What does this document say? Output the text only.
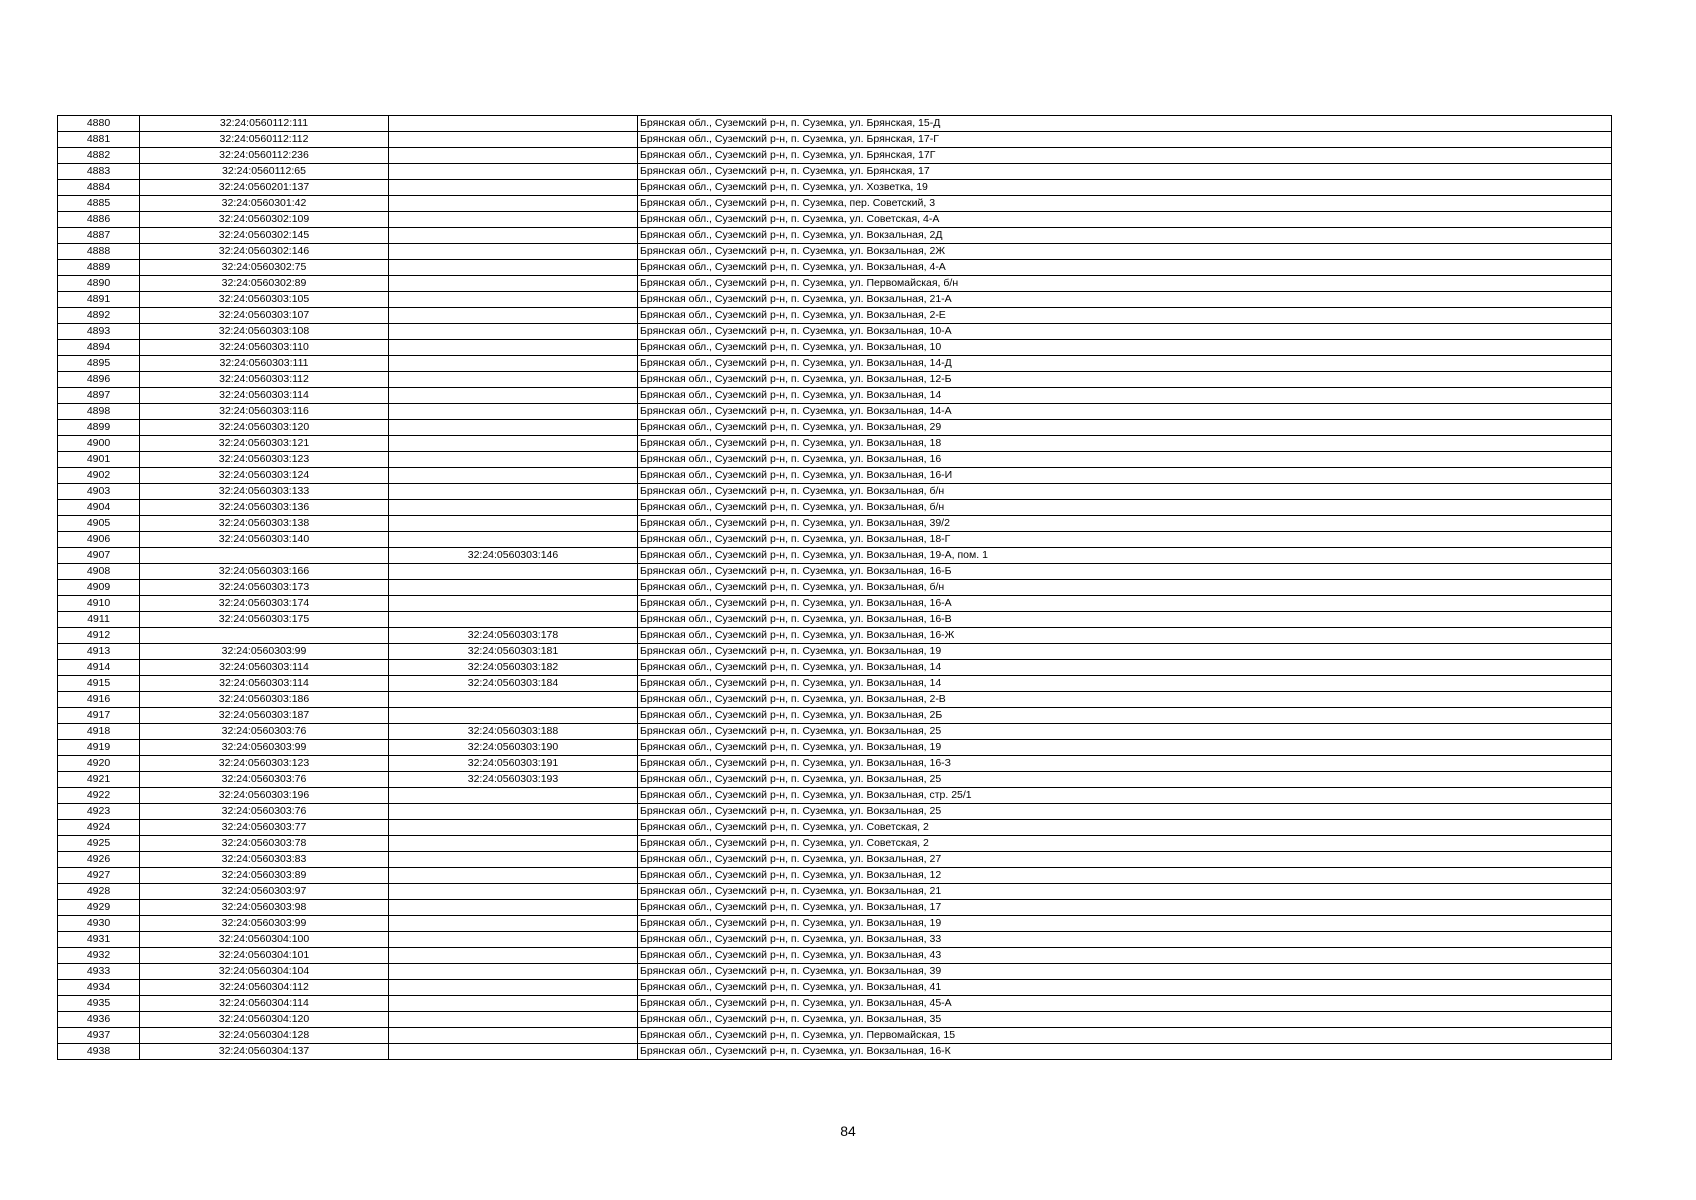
4880	32:24:0560112:111		Брянская обл., Суземский р-н, п. Суземка, ул. Брянская, 15-Д
4881	32:24:0560112:112		Брянская обл., Суземский р-н, п. Суземка, ул. Брянская, 17-Г
4882	32:24:0560112:236		Брянская обл., Суземский р-н, п. Суземка, ул. Брянская, 17Г
4883	32:24:0560112:65		Брянская обл., Суземский р-н, п. Суземка, ул. Брянская, 17
4884	32:24:0560201:137		Брянская обл., Суземский р-н, п. Суземка, ул. Хозветка, 19
4885	32:24:0560301:42		Брянская обл., Суземский р-н, п. Суземка, пер. Советский, 3
4886	32:24:0560302:109		Брянская обл., Суземский р-н, п. Суземка, ул. Советская, 4-А
4887	32:24:0560302:145		Брянская обл., Суземский р-н, п. Суземка, ул. Вокзальная, 2Д
4888	32:24:0560302:146		Брянская обл., Суземский р-н, п. Суземка, ул. Вокзальная, 2Ж
4889	32:24:0560302:75		Брянская обл., Суземский р-н, п. Суземка, ул. Вокзальная, 4-А
4890	32:24:0560302:89		Брянская обл., Суземский р-н, п. Суземка, ул. Первомайская, б/н
4891	32:24:0560303:105		Брянская обл., Суземский р-н, п. Суземка, ул. Вокзальная, 21-А
4892	32:24:0560303:107		Брянская обл., Суземский р-н, п. Суземка, ул. Вокзальная, 2-Е
4893	32:24:0560303:108		Брянская обл., Суземский р-н, п. Суземка, ул. Вокзальная, 10-А
4894	32:24:0560303:110		Брянская обл., Суземский р-н, п. Суземка, ул. Вокзальная, 10
4895	32:24:0560303:111		Брянская обл., Суземский р-н, п. Суземка, ул. Вокзальная, 14-Д
4896	32:24:0560303:112		Брянская обл., Суземский р-н, п. Суземка, ул. Вокзальная, 12-Б
4897	32:24:0560303:114		Брянская обл., Суземский р-н, п. Суземка, ул. Вокзальная, 14
4898	32:24:0560303:116		Брянская обл., Суземский р-н, п. Суземка, ул. Вокзальная, 14-А
4899	32:24:0560303:120		Брянская обл., Суземский р-н, п. Суземка, ул. Вокзальная, 29
4900	32:24:0560303:121		Брянская обл., Суземский р-н, п. Суземка, ул. Вокзальная, 18
4901	32:24:0560303:123		Брянская обл., Суземский р-н, п. Суземка, ул. Вокзальная, 16
4902	32:24:0560303:124		Брянская обл., Суземский р-н, п. Суземка, ул. Вокзальная, 16-И
4903	32:24:0560303:133		Брянская обл., Суземский р-н, п. Суземка, ул. Вокзальная, б/н
4904	32:24:0560303:136		Брянская обл., Суземский р-н, п. Суземка, ул. Вокзальная, б/н
4905	32:24:0560303:138		Брянская обл., Суземский р-н, п. Суземка, ул. Вокзальная, 39/2
4906	32:24:0560303:140		Брянская обл., Суземский р-н, п. Суземка, ул. Вокзальная, 18-Г
4907		32:24:0560303:146	Брянская обл., Суземский р-н, п. Суземка, ул. Вокзальная, 19-А, пом. 1
4908	32:24:0560303:166		Брянская обл., Суземский р-н, п. Суземка, ул. Вокзальная, 16-Б
4909	32:24:0560303:173		Брянская обл., Суземский р-н, п. Суземка, ул. Вокзальная, б/н
4910	32:24:0560303:174		Брянская обл., Суземский р-н, п. Суземка, ул. Вокзальная, 16-А
4911	32:24:0560303:175		Брянская обл., Суземский р-н, п. Суземка, ул. Вокзальная, 16-В
4912		32:24:0560303:178	Брянская обл., Суземский р-н, п. Суземка, ул. Вокзальная, 16-Ж
4913	32:24:0560303:99	32:24:0560303:181	Брянская обл., Суземский р-н, п. Суземка, ул. Вокзальная, 19
4914	32:24:0560303:114	32:24:0560303:182	Брянская обл., Суземский р-н, п. Суземка, ул. Вокзальная, 14
4915	32:24:0560303:114	32:24:0560303:184	Брянская обл., Суземский р-н, п. Суземка, ул. Вокзальная, 14
4916	32:24:0560303:186		Брянская обл., Суземский р-н, п. Суземка, ул. Вокзальная, 2-В
4917	32:24:0560303:187		Брянская обл., Суземский р-н, п. Суземка, ул. Вокзальная, 2Б
4918	32:24:0560303:76	32:24:0560303:188	Брянская обл., Суземский р-н, п. Суземка, ул. Вокзальная, 25
4919	32:24:0560303:99	32:24:0560303:190	Брянская обл., Суземский р-н, п. Суземка, ул. Вокзальная, 19
4920	32:24:0560303:123	32:24:0560303:191	Брянская обл., Суземский р-н, п. Суземка, ул. Вокзальная, 16-З
4921	32:24:0560303:76	32:24:0560303:193	Брянская обл., Суземский р-н, п. Суземка, ул. Вокзальная, 25
4922	32:24:0560303:196		Брянская обл., Суземский р-н, п. Суземка, ул. Вокзальная, стр. 25/1
4923	32:24:0560303:76		Брянская обл., Суземский р-н, п. Суземка, ул. Вокзальная, 25
4924	32:24:0560303:77		Брянская обл., Суземский р-н, п. Суземка, ул. Советская, 2
4925	32:24:0560303:78		Брянская обл., Суземский р-н, п. Суземка, ул. Советская, 2
4926	32:24:0560303:83		Брянская обл., Суземский р-н, п. Суземка, ул. Вокзальная, 27
4927	32:24:0560303:89		Брянская обл., Суземский р-н, п. Суземка, ул. Вокзальная, 12
4928	32:24:0560303:97		Брянская обл., Суземский р-н, п. Суземка, ул. Вокзальная, 21
4929	32:24:0560303:98		Брянская обл., Суземский р-н, п. Суземка, ул. Вокзальная, 17
4930	32:24:0560303:99		Брянская обл., Суземский р-н, п. Суземка, ул. Вокзальная, 19
4931	32:24:0560304:100		Брянская обл., Суземский р-н, п. Суземка, ул. Вокзальная, 33
4932	32:24:0560304:101		Брянская обл., Суземский р-н, п. Суземка, ул. Вокзальная, 43
4933	32:24:0560304:104		Брянская обл., Суземский р-н, п. Суземка, ул. Вокзальная, 39
4934	32:24:0560304:112		Брянская обл., Суземский р-н, п. Суземка, ул. Вокзальная, 41
4935	32:24:0560304:114		Брянская обл., Суземский р-н, п. Суземка, ул. Вокзальная, 45-А
4936	32:24:0560304:120		Брянская обл., Суземский р-н, п. Суземка, ул. Вокзальная, 35
4937	32:24:0560304:128		Брянская обл., Суземский р-н, п. Суземка, ул. Первомайская, 15
4938	32:24:0560304:137		Брянская обл., Суземский р-н, п. Суземка, ул. Вокзальная, 16-К
84
